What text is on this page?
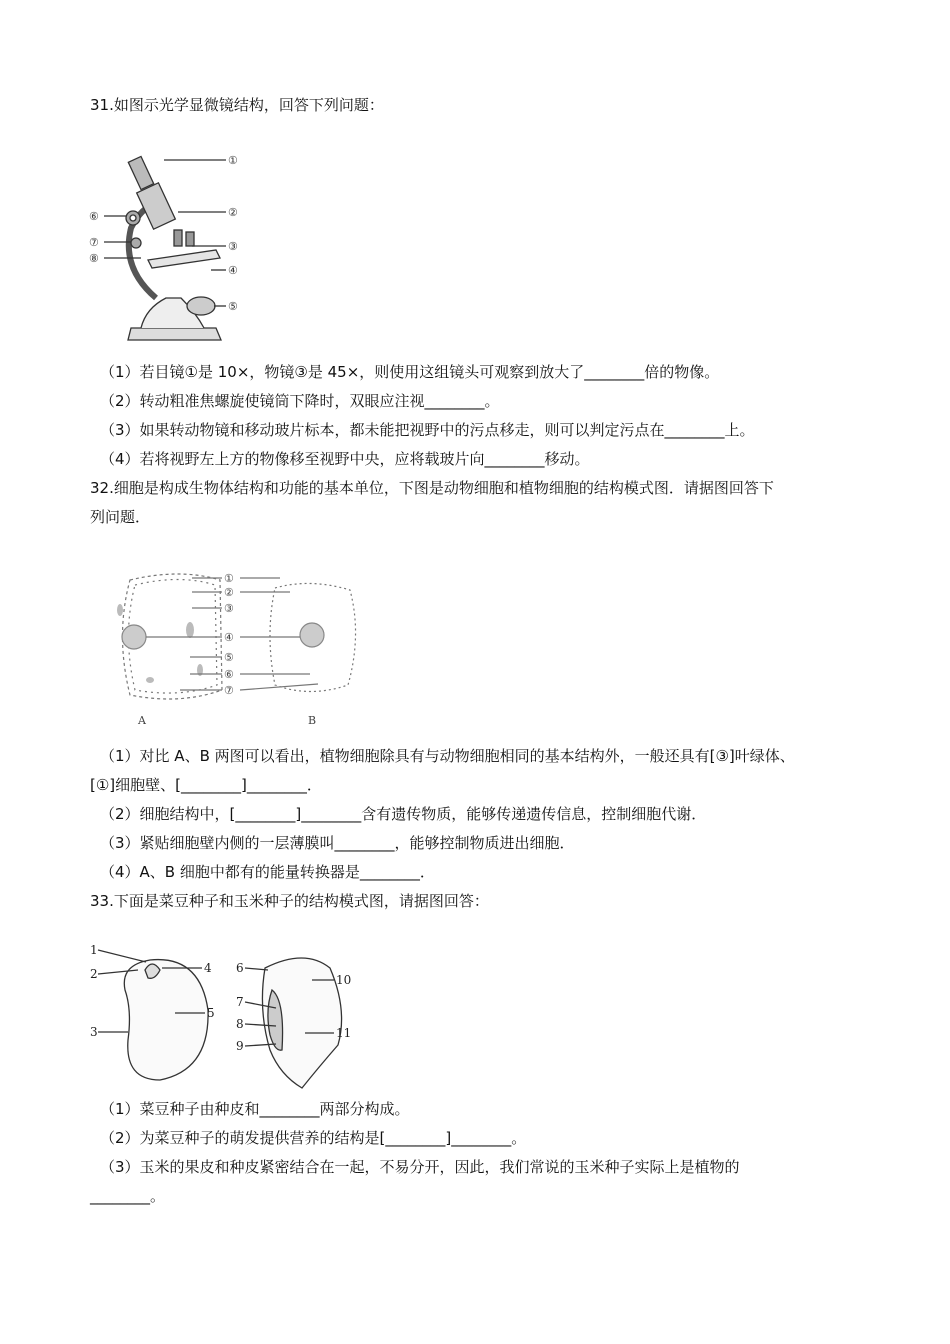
31.如图示光学显微镜结构，回答下列问题：
①
②
③
④
⑤
⑥
⑦
⑧
（1）若目镜①是 10×，物镜③是 45×，则使用这组镜头可观察到放大了________倍的物像。
（2）转动粗准焦螺旋使镜筒下降时，双眼应注视________。
（3）如果转动物镜和移动玻片标本，都未能把视野中的污点移走，则可以判定污点在________上。
（4）若将视野左上方的物像移至视野中央，应将载玻片向________移动。
32.细胞是构成生物体结构和功能的基本单位，下图是动物细胞和植物细胞的结构模式图．请据图回答下
列问题．
①
②
③
④
⑤
⑥
⑦
A	B
（1）对比 A、B 两图可以看出，植物细胞除具有与动物细胞相同的基本结构外，一般还具有[③]叶绿体、
[①]细胞壁、[________]________．
（2）细胞结构中，[________]________含有遗传物质，能够传递遗传信息，控制细胞代谢．
（3）紧贴细胞壁内侧的一层薄膜叫________，能够控制物质进出细胞．
（4）A、B 细胞中都有的能量转换器是________．
33.下面是菜豆种子和玉米种子的结构模式图，请据图回答：
1
2
3
4
5
6
7
8
9
10
11
（1）菜豆种子由种皮和________两部分构成。
（2）为菜豆种子的萌发提供营养的结构是[________]________。
（3）玉米的果皮和种皮紧密结合在一起，不易分开，因此，我们常说的玉米种子实际上是植物的
________。
